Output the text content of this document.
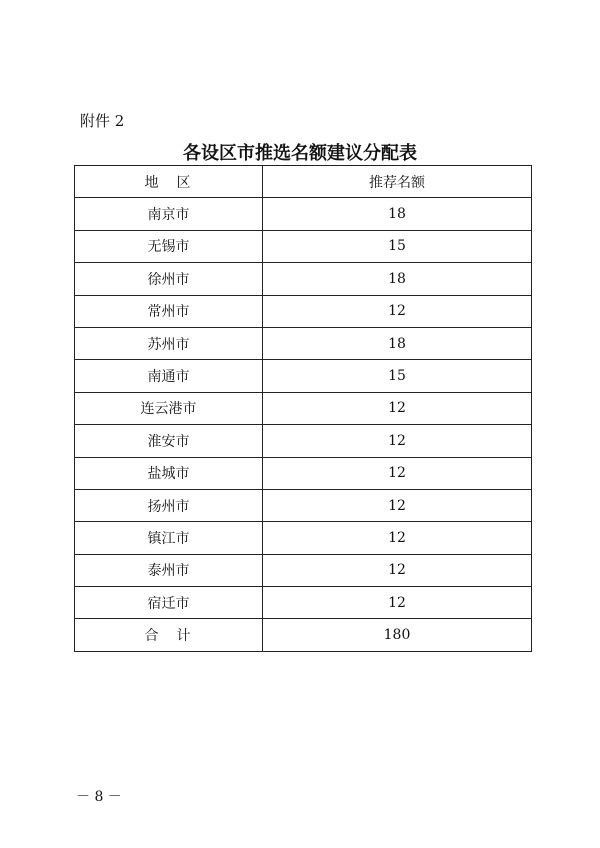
附件 2
各设区市推选名额建议分配表
地　区	推荐名额
南京市	18
无锡市	15
徐州市	18
常州市	12
苏州市	18
南通市	15
连云港市	12
淮安市	12
盐城市	12
扬州市	12
镇江市	12
泰州市	12
宿迁市	12
合　计	180
－ 8 －
